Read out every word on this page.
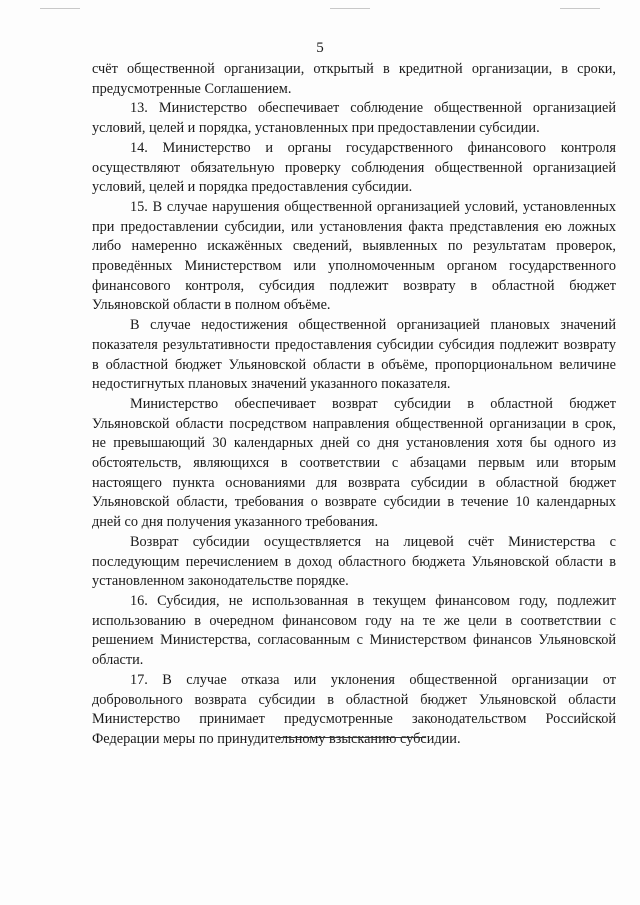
5

счёт общественной организации, открытый в кредитной организации, в сроки, предусмотренные Соглашением.

13. Министерство обеспечивает соблюдение общественной организацией условий, целей и порядка, установленных при предоставлении субсидии.

14. Министерство и органы государственного финансового контроля осуществляют обязательную проверку соблюдения общественной организацией условий, целей и порядка предоставления субсидии.

15. В случае нарушения общественной организацией условий, установленных при предоставлении субсидии, или установления факта представления ею ложных либо намеренно искажённых сведений, выявленных по результатам проверок, проведённых Министерством или уполномоченным органом государственного финансового контроля, субсидия подлежит возврату в областной бюджет Ульяновской области в полном объёме.

В случае недостижения общественной организацией плановых значений показателя результативности предоставления субсидии субсидия подлежит возврату в областной бюджет Ульяновской области в объёме, пропорциональном величине недостигнутых плановых значений указанного показателя.

Министерство обеспечивает возврат субсидии в областной бюджет Ульяновской области посредством направления общественной организации в срок, не превышающий 30 календарных дней со дня установления хотя бы одного из обстоятельств, являющихся в соответствии с абзацами первым или вторым настоящего пункта основаниями для возврата субсидии в областной бюджет Ульяновской области, требования о возврате субсидии в течение 10 календарных дней со дня получения указанного требования.

Возврат субсидии осуществляется на лицевой счёт Министерства с последующим перечислением в доход областного бюджета Ульяновской области в установленном законодательстве порядке.

16. Субсидия, не использованная в текущем финансовом году, подлежит использованию в очередном финансовом году на те же цели в соответствии с решением Министерства, согласованным с Министерством финансов Ульяновской области.

17. В случае отказа или уклонения общественной организации от добровольного возврата субсидии в областной бюджет Ульяновской области Министерство принимает предусмотренные законодательством Российской Федерации меры по принудительному взысканию субсидии.
